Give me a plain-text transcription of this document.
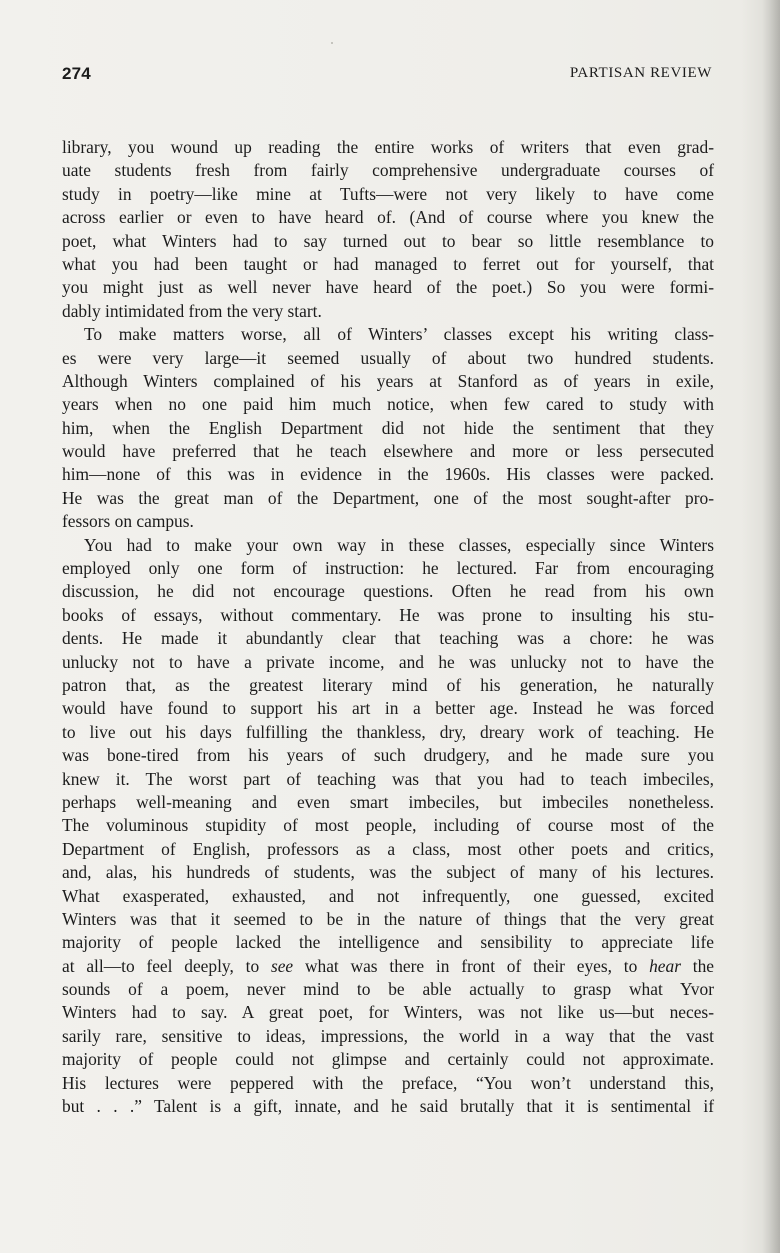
274	PARTISAN REVIEW
library, you wound up reading the entire works of writers that even grad-
uate students fresh from fairly comprehensive undergraduate courses of
study in poetry—like mine at Tufts—were not very likely to have come
across earlier or even to have heard of. (And of course where you knew the
poet, what Winters had to say turned out to bear so little resemblance to
what you had been taught or had managed to ferret out for yourself, that
you might just as well never have heard of the poet.) So you were formi-
dably intimidated from the very start.
To make matters worse, all of Winters’ classes except his writing class-
es were very large—it seemed usually of about two hundred students.
Although Winters complained of his years at Stanford as of years in exile,
years when no one paid him much notice, when few cared to study with
him, when the English Department did not hide the sentiment that they
would have preferred that he teach elsewhere and more or less persecuted
him—none of this was in evidence in the 1960s. His classes were packed.
He was the great man of the Department, one of the most sought-after pro-
fessors on campus.
You had to make your own way in these classes, especially since Winters
employed only one form of instruction: he lectured. Far from encouraging
discussion, he did not encourage questions. Often he read from his own
books of essays, without commentary. He was prone to insulting his stu-
dents. He made it abundantly clear that teaching was a chore: he was
unlucky not to have a private income, and he was unlucky not to have the
patron that, as the greatest literary mind of his generation, he naturally
would have found to support his art in a better age. Instead he was forced
to live out his days fulfilling the thankless, dry, dreary work of teaching. He
was bone-tired from his years of such drudgery, and he made sure you
knew it. The worst part of teaching was that you had to teach imbeciles,
perhaps well-meaning and even smart imbeciles, but imbeciles nonetheless.
The voluminous stupidity of most people, including of course most of the
Department of English, professors as a class, most other poets and critics,
and, alas, his hundreds of students, was the subject of many of his lectures.
What exasperated, exhausted, and not infrequently, one guessed, excited
Winters was that it seemed to be in the nature of things that the very great
majority of people lacked the intelligence and sensibility to appreciate life
at all—to feel deeply, to see what was there in front of their eyes, to hear the
sounds of a poem, never mind to be able actually to grasp what Yvor
Winters had to say. A great poet, for Winters, was not like us—but neces-
sarily rare, sensitive to ideas, impressions, the world in a way that the vast
majority of people could not glimpse and certainly could not approximate.
His lectures were peppered with the preface, “You won’t understand this,
but . . .” Talent is a gift, innate, and he said brutally that it is sentimental if
